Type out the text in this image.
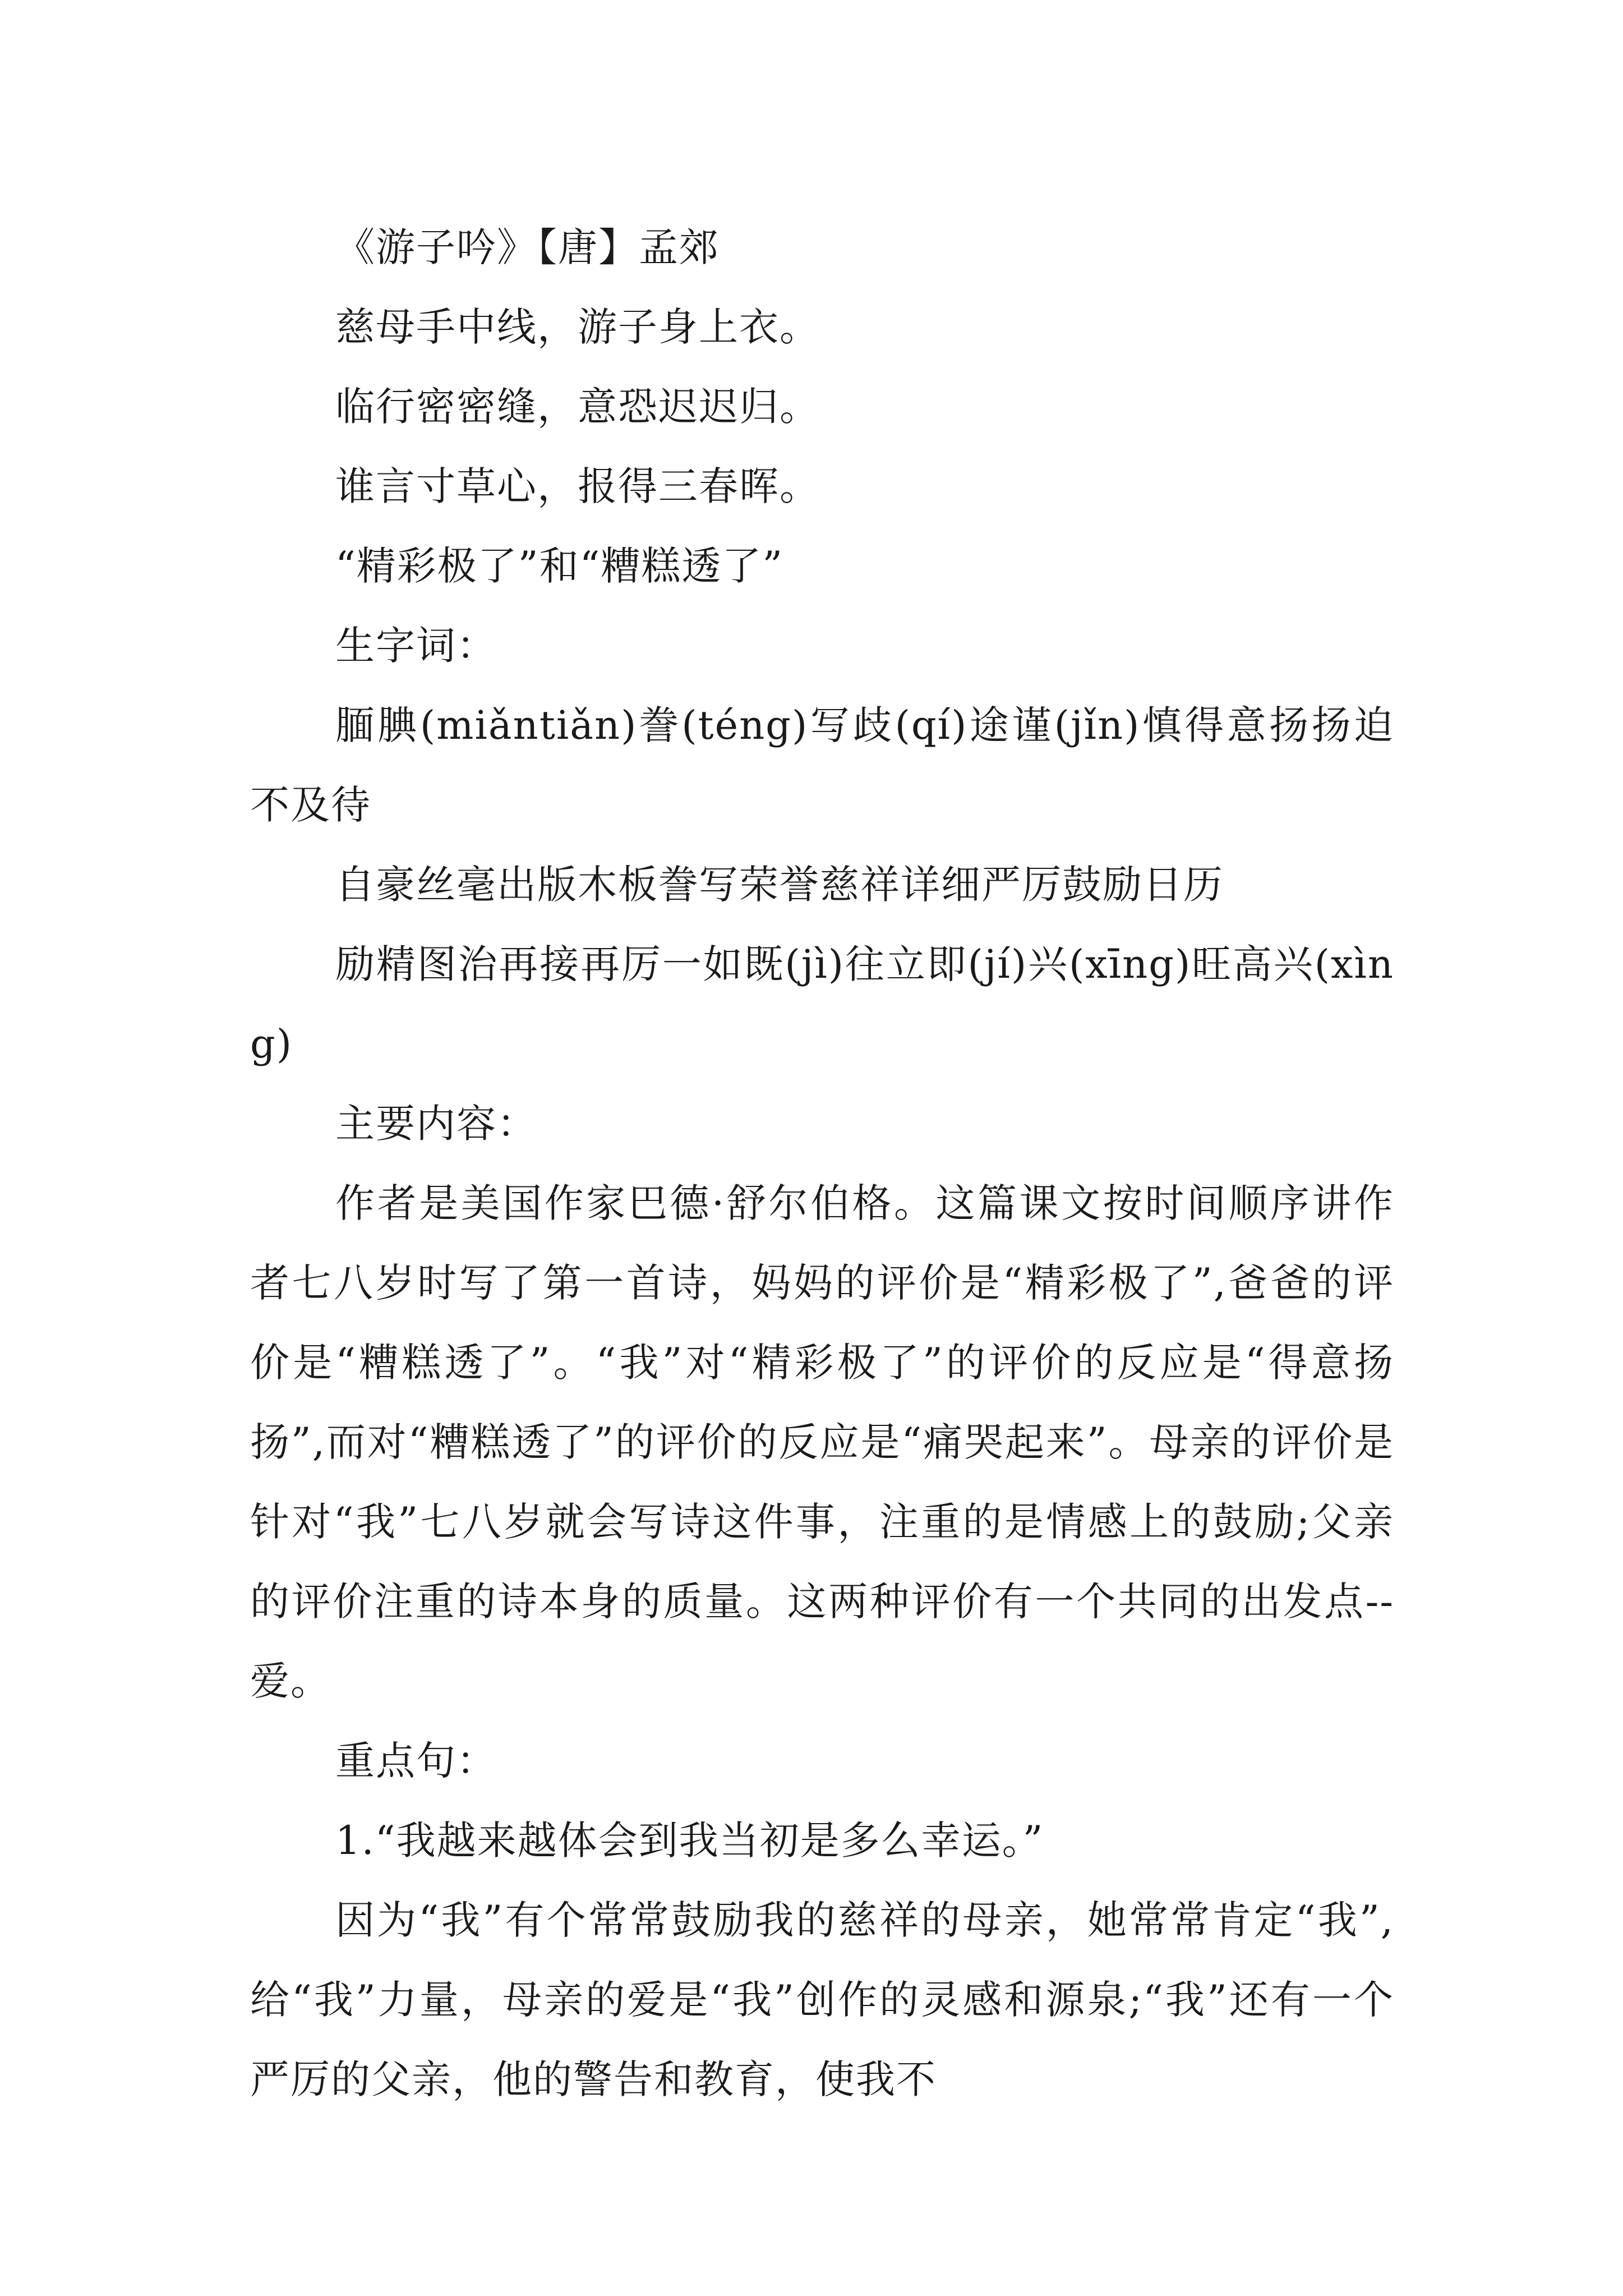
《游子吟》【唐】孟郊

慈母手中线，游子身上衣。

临行密密缝，意恐迟迟归。

谁言寸草心，报得三春晖。

“精彩极了”和“糟糕透了”

生字词：

腼腆(miǎntiǎn)誊(téng)写歧(qí)途谨(jǐn)慎得意扬扬迫不及待

自豪丝毫出版木板誊写荣誉慈祥详细严厉鼓励日历

励精图治再接再厉一如既(jì)往立即(jí)兴(xīng)旺高兴(xìng)

主要内容：

作者是美国作家巴德·舒尔伯格。这篇课文按时间顺序讲作者七八岁时写了第一首诗，妈妈的评价是“精彩极了”,爸爸的评价是“糟糕透了”。“我”对“精彩极了”的评价的反应是“得意扬扬”,而对“糟糕透了”的评价的反应是“痛哭起来”。母亲的评价是针对“我”七八岁就会写诗这件事，注重的是情感上的鼓励;父亲的评价注重的诗本身的质量。这两种评价有一个共同的出发点--爱。

重点句：

1.“我越来越体会到我当初是多么幸运。”

因为“我”有个常常鼓励我的慈祥的母亲，她常常肯定“我”,给“我”力量，母亲的爱是“我”创作的灵感和源泉;“我”还有一个严厉的父亲，他的警告和教育，使我不
